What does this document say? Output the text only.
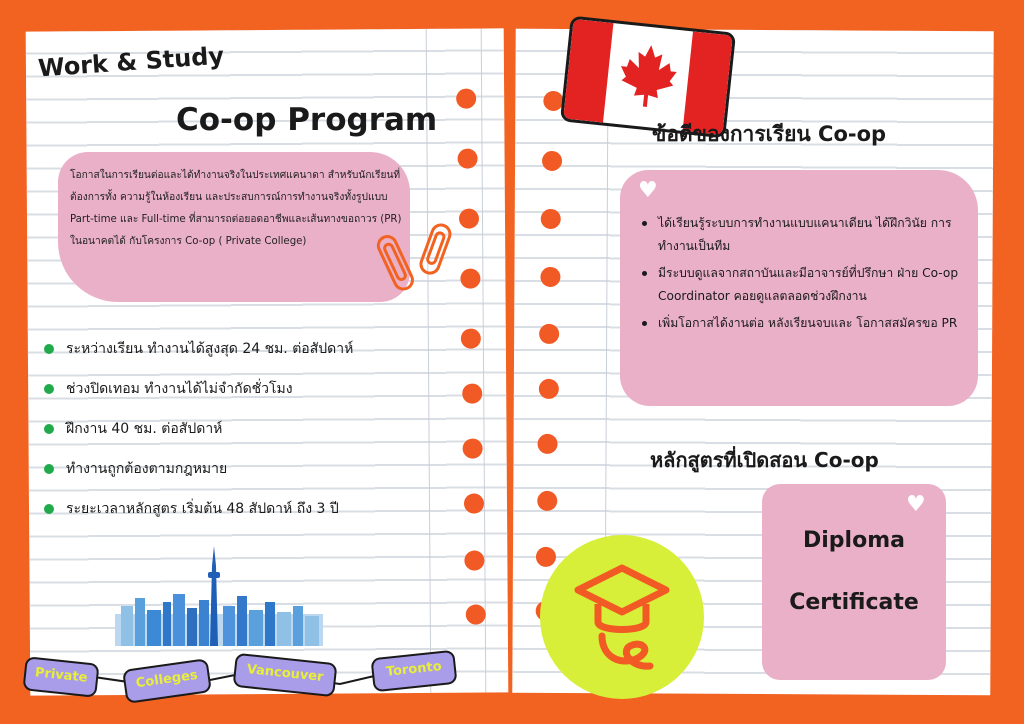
Work & Study
Co-op Program
โอกาสในการเรียนต่อและได้ทำงานจริงในประเทศแคนาดา สำหรับนักเรียนที่ต้องการทั้ง ความรู้ในห้องเรียน และประสบการณ์การทำงานจริงทั้งรูปแบบ Part-time และ Full-time ที่สามารถต่อยอดอาชีพและเส้นทางขอถาวร (PR) ในอนาคตได้ กับโครงการ Co-op ( Private College)
ระหว่างเรียน ทำงานได้สูงสุด 24 ชม. ต่อสัปดาห์
ช่วงปิดเทอม ทำงานได้ไม่จำกัดชั่วโมง
ฝึกงาน 40 ชม. ต่อสัปดาห์
ทำงานถูกต้องตามกฎหมาย
ระยะเวลาหลักสูตร เริ่มต้น 48 สัปดาห์ ถึง 3 ปี
Private	Colleges	Vancouver	Toronto
ข้อดีของการเรียน Co-op
♥
ได้เรียนรู้ระบบการทำงานแบบแคนาเดียน ได้ฝึกวินัย การทำงานเป็นทีม
มีระบบดูแลจากสถาบันและมีอาจารย์ที่ปรึกษา ฝ่าย Co-op Coordinator คอยดูแลตลอดช่วงฝึกงาน
เพิ่มโอกาสได้งานต่อ หลังเรียนจบและ โอกาสสมัครขอ PR
หลักสูตรที่เปิดสอน Co-op
♥
Diploma
Certificate
